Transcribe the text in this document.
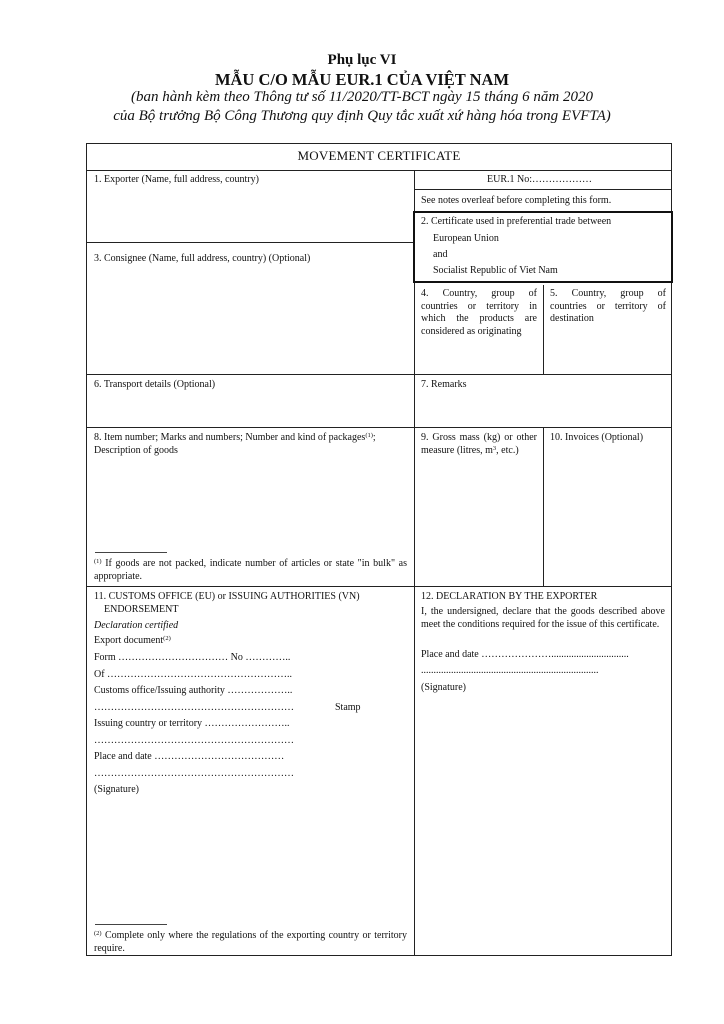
Phụ lục VI
MẪU C/O MẪU EUR.1 CỦA VIỆT NAM
(ban hành kèm theo Thông tư số 11/2020/TT-BCT ngày 15 tháng 6 năm 2020
của Bộ trưởng Bộ Công Thương quy định Quy tắc xuất xứ hàng hóa trong EVFTA)
MOVEMENT CERTIFICATE
1. Exporter (Name, full address, country)	EUR.1 No:………………
See notes overleaf before completing this form.
2. Certificate used in preferential trade between
European Union
and
Socialist Republic of Viet Nam
3. Consignee (Name, full address, country) (Optional)
4. Country, group of countries or territory in which the products are considered as originating
5. Country, group of countries or territory of destination
6. Transport details (Optional)	7. Remarks
8. Item number; Marks and numbers; Number and kind of packages$^{(1)}$;
Description of goods
9. Gross mass (kg) or other measure (litres, $m^3$, etc.)
10. Invoices (Optional)
$^{(1)}$ If goods are not packed, indicate number of articles or state "in bulk" as appropriate.
11. CUSTOMS OFFICE (EU) or ISSUING AUTHORITIES (VN)
ENDORSEMENT
Declaration certified
Export document$^{(2)}$
Form …………………………… No …………..
Of ………………………………………………..
Customs office/Issuing authority ………………..
……………………………………………………	Stamp
Issuing country or territory ……………………..
……………………………………………………
Place and date …………………………………
……………………………………………………
(Signature)
$^{(2)}$ Complete only where the regulations of the exporting country or territory require.
12. DECLARATION BY THE EXPORTER
I, the undersigned, declare that the goods described above meet the conditions required for the issue of this certificate.
Place and date …………………...............................
.......................................................................
(Signature)
